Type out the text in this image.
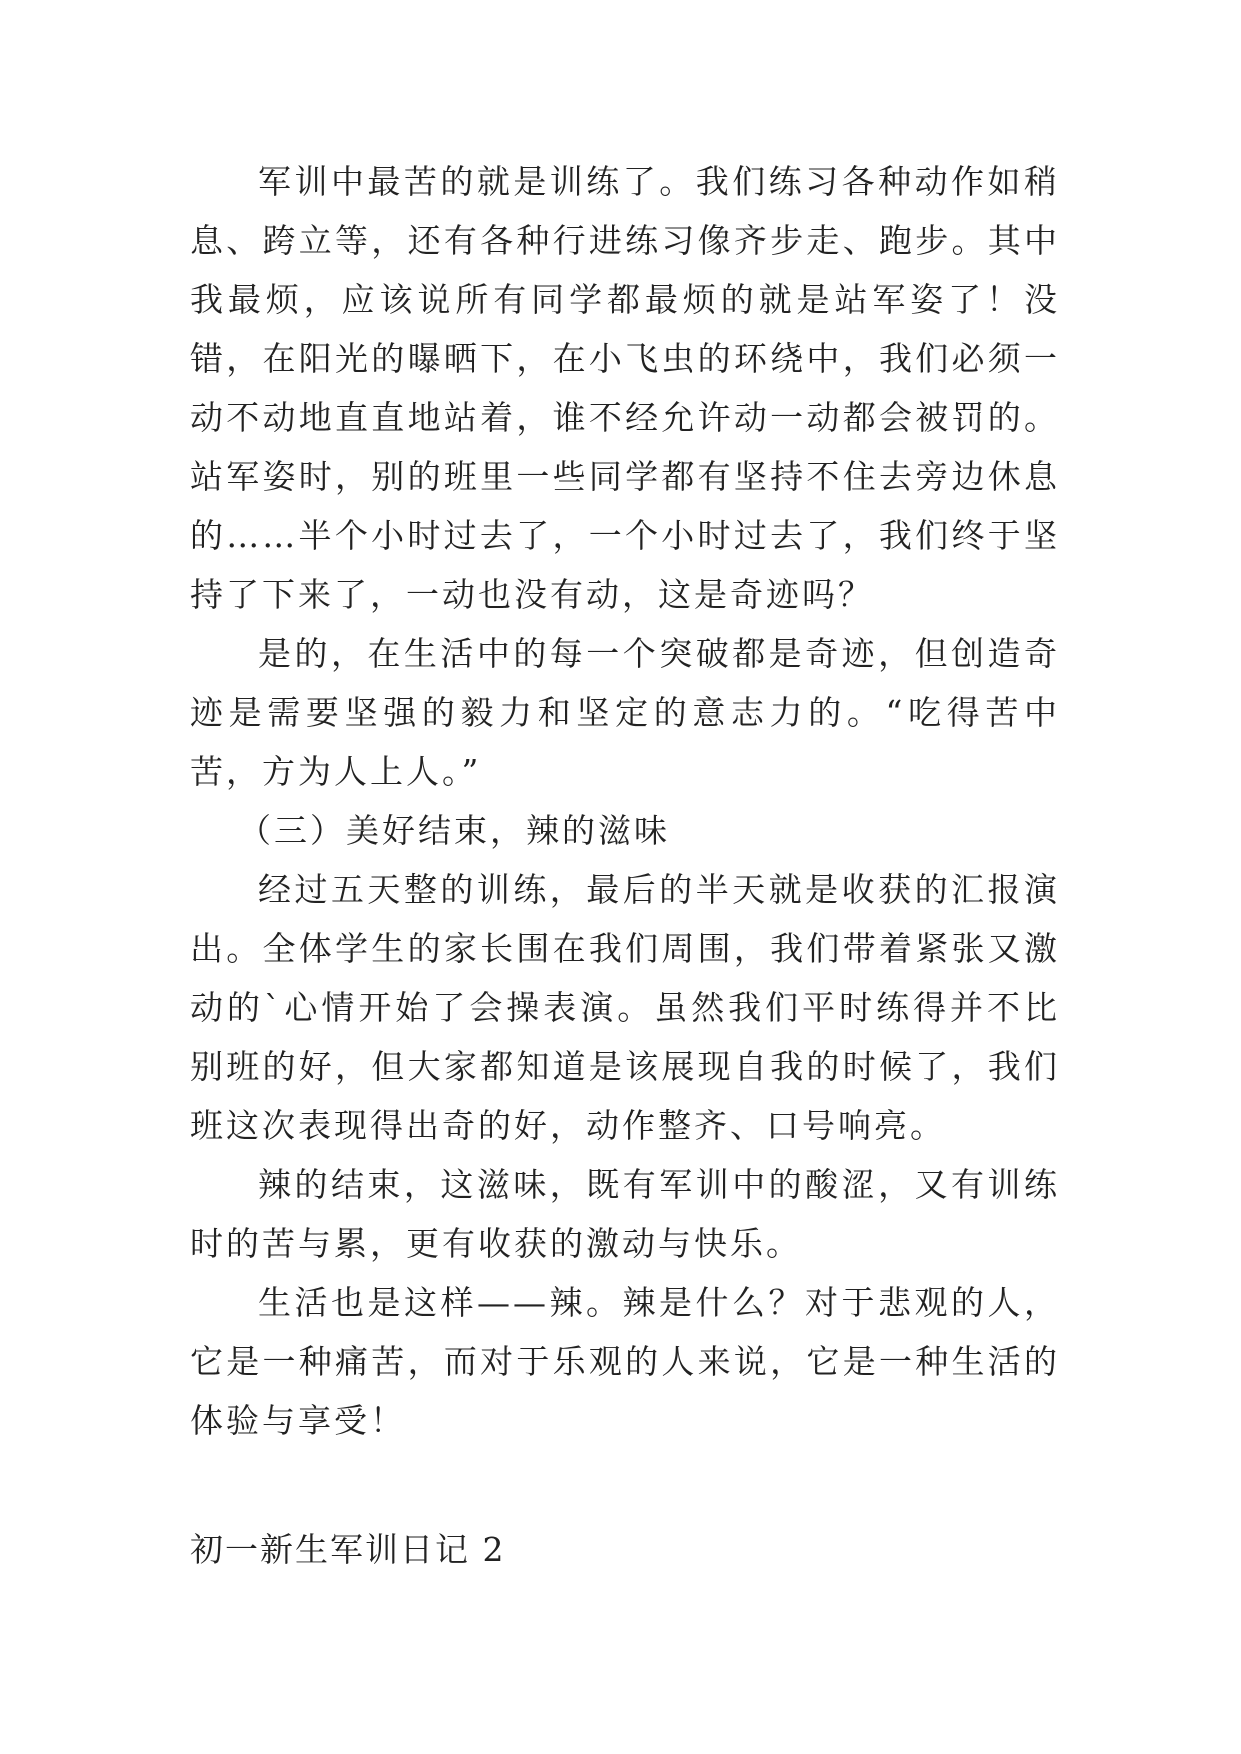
军训中最苦的就是训练了。我们练习各种动作如稍息、跨立等，还有各种行进练习像齐步走、跑步。其中我最烦，应该说所有同学都最烦的就是站军姿了！没错，在阳光的曝晒下，在小飞虫的环绕中，我们必须一动不动地直直地站着，谁不经允许动一动都会被罚的。站军姿时，别的班里一些同学都有坚持不住去旁边休息的……半个小时过去了，一个小时过去了，我们终于坚持了下来了，一动也没有动，这是奇迹吗？

是的，在生活中的每一个突破都是奇迹，但创造奇迹是需要坚强的毅力和坚定的意志力的。“吃得苦中苦，方为人上人。”

（三）美好结束，辣的滋味

经过五天整的训练，最后的半天就是收获的汇报演出。全体学生的家长围在我们周围，我们带着紧张又激动的`心情开始了会操表演。虽然我们平时练得并不比别班的好，但大家都知道是该展现自我的时候了，我们班这次表现得出奇的好，动作整齐、口号响亮。

辣的结束，这滋味，既有军训中的酸涩，又有训练时的苦与累，更有收获的激动与快乐。

生活也是这样——辣。辣是什么？对于悲观的人，它是一种痛苦，而对于乐观的人来说，它是一种生活的体验与享受！

初一新生军训日记 2
